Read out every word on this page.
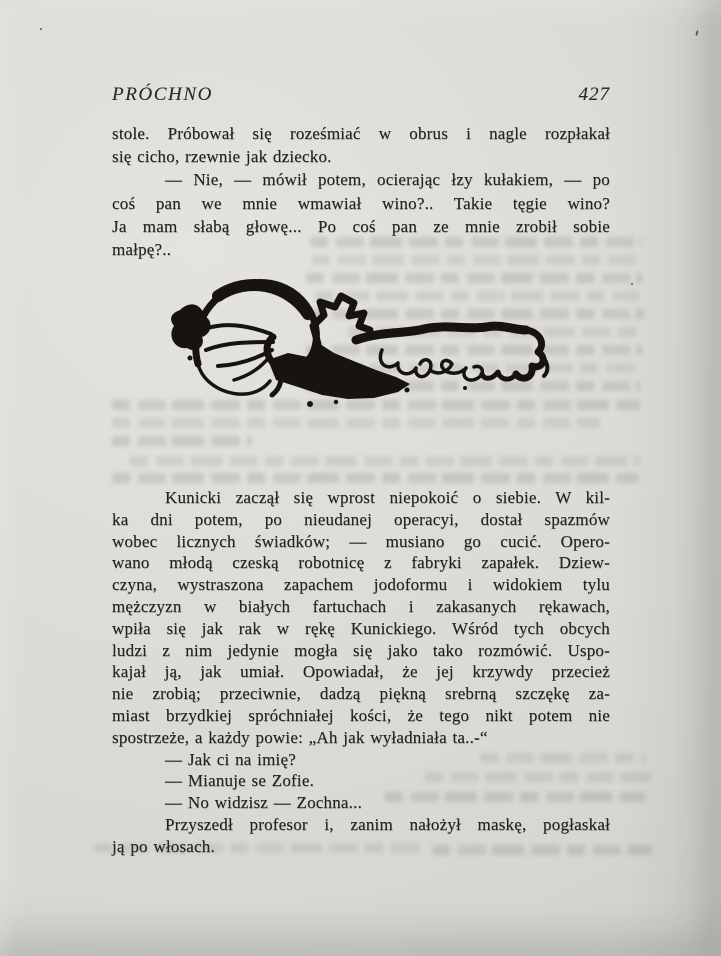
PRÓCHNO	427
stole. Próbował się roześmiać w obrus i nagle rozpłakał
się cicho, rzewnie jak dziecko.
— Nie, — mówił potem, ocierając łzy kułakiem, — po
coś pan we mnie wmawiał wino?.. Takie tęgie wino?
Ja mam słabą głowę... Po coś pan ze mnie zrobił sobie
małpę?..
Kunicki zaczął się wprost niepokoić o siebie. W kil-
ka dni potem, po nieudanej operacyi, dostał spazmów
wobec licznych świadków; — musiano go cucić. Opero-
wano młodą czeską robotnicę z fabryki zapałek. Dziew-
czyna, wystraszona zapachem jodoformu i widokiem tylu
mężczyzn w białych fartuchach i zakasanych rękawach,
wpiła się jak rak w rękę Kunickiego. Wśród tych obcych
ludzi z nim jedynie mogła się jako tako rozmówić. Uspo-
kajał ją, jak umiał. Opowiadał, że jej krzywdy przecież
nie zrobią; przeciwnie, dadzą piękną srebrną szczękę za-
miast brzydkiej spróchniałej kości, że tego nikt potem nie
spostrzeże, a każdy powie: „Ah jak wyładniała ta..-“
— Jak ci na imię?
— Mianuje se Zofie.
— No widzisz — Zochna...
Przyszedł profesor i, zanim nałożył maskę, pogłaskał
ją po włosach.
